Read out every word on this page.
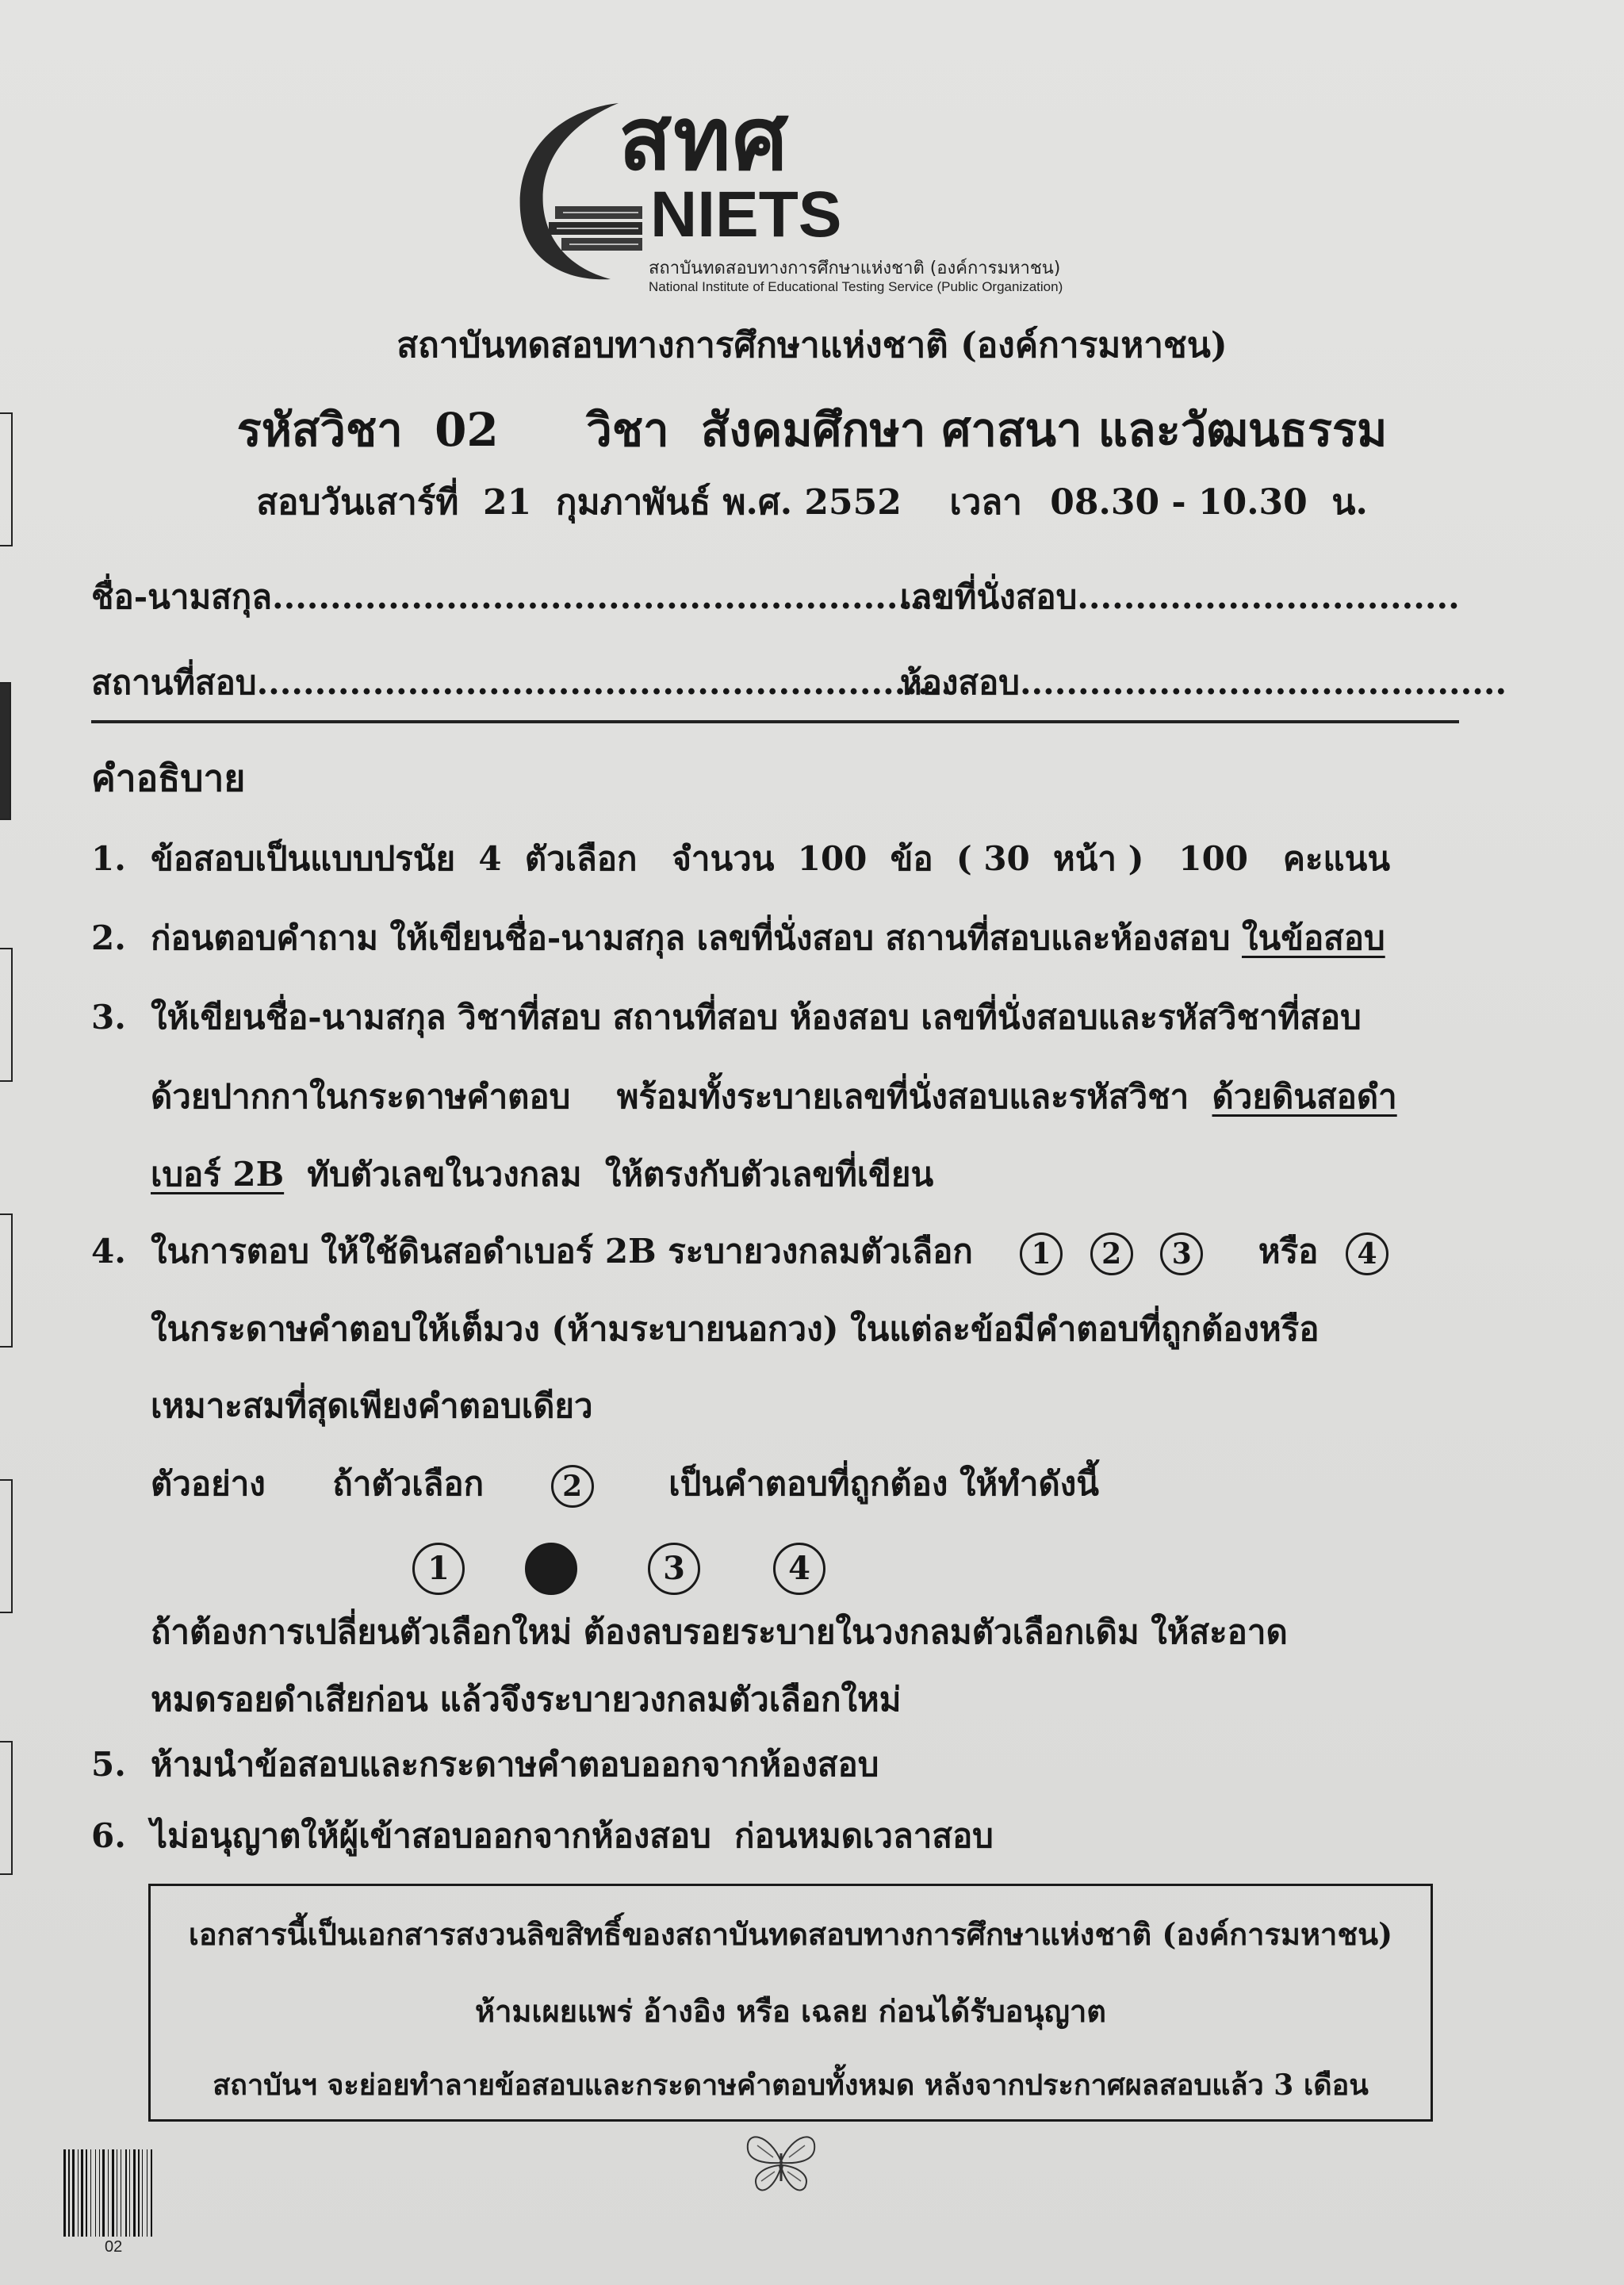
สทศ
NIETS
สถาบันทดสอบทางการศึกษาแห่งชาติ (องค์การมหาชน)
National Institute of Educational Testing Service (Public Organization)
สถาบันทดสอบทางการศึกษาแห่งชาติ (องค์การมหาชน)
รหัสวิชา 02 วิชา สังคมศึกษา ศาสนา และวัฒนธรรม
สอบวันเสาร์ที่  21  กุมภาพันธ์ พ.ศ. 2552 เวลา 08.30 - 10.30  น.
ชื่อ-นามสกุล..........................................................
เลขที่นั่งสอบ.................................
สถานที่สอบ............................................................
ห้องสอบ..........................................
คำอธิบาย
1. ข้อสอบเป็นแบบปรนัย  4  ตัวเลือก   จำนวน  100  ข้อ  ( 30  หน้า )   100   คะแนน
2. ก่อนตอบคำถาม ให้เขียนชื่อ-นามสกุล เลขที่นั่งสอบ สถานที่สอบและห้องสอบ ในข้อสอบ
3. ให้เขียนชื่อ-นามสกุล วิชาที่สอบ สถานที่สอบ ห้องสอบ เลขที่นั่งสอบและรหัสวิชาที่สอบ
ด้วยปากกาในกระดาษคำตอบ    พร้อมทั้งระบายเลขที่นั่งสอบและรหัสวิชา  ด้วยดินสอดำ
เบอร์ 2B  ทับตัวเลขในวงกลม  ให้ตรงกับตัวเลขที่เขียน
4. ในการตอบ ให้ใช้ดินสอดำเบอร์ 2B ระบายวงกลมตัวเลือก 1 2 3 หรือ 4
ในกระดาษคำตอบให้เต็มวง (ห้ามระบายนอกวง) ในแต่ละข้อมีคำตอบที่ถูกต้องหรือ
เหมาะสมที่สุดเพียงคำตอบเดียว
ตัวอย่าง ถ้าตัวเลือก	2	เป็นคำตอบที่ถูกต้อง ให้ทำดังนี้
1	3	4
ถ้าต้องการเปลี่ยนตัวเลือกใหม่ ต้องลบรอยระบายในวงกลมตัวเลือกเดิม ให้สะอาด
หมดรอยดำเสียก่อน แล้วจึงระบายวงกลมตัวเลือกใหม่
5. ห้ามนำข้อสอบและกระดาษคำตอบออกจากห้องสอบ
6. ไม่อนุญาตให้ผู้เข้าสอบออกจากห้องสอบ  ก่อนหมดเวลาสอบ
เอกสารนี้เป็นเอกสารสงวนลิขสิทธิ์ของสถาบันทดสอบทางการศึกษาแห่งชาติ (องค์การมหาชน)
ห้ามเผยแพร่ อ้างอิง หรือ เฉลย ก่อนได้รับอนุญาต
สถาบันฯ จะย่อยทำลายข้อสอบและกระดาษคำตอบทั้งหมด หลังจากประกาศผลสอบแล้ว 3 เดือน
02
